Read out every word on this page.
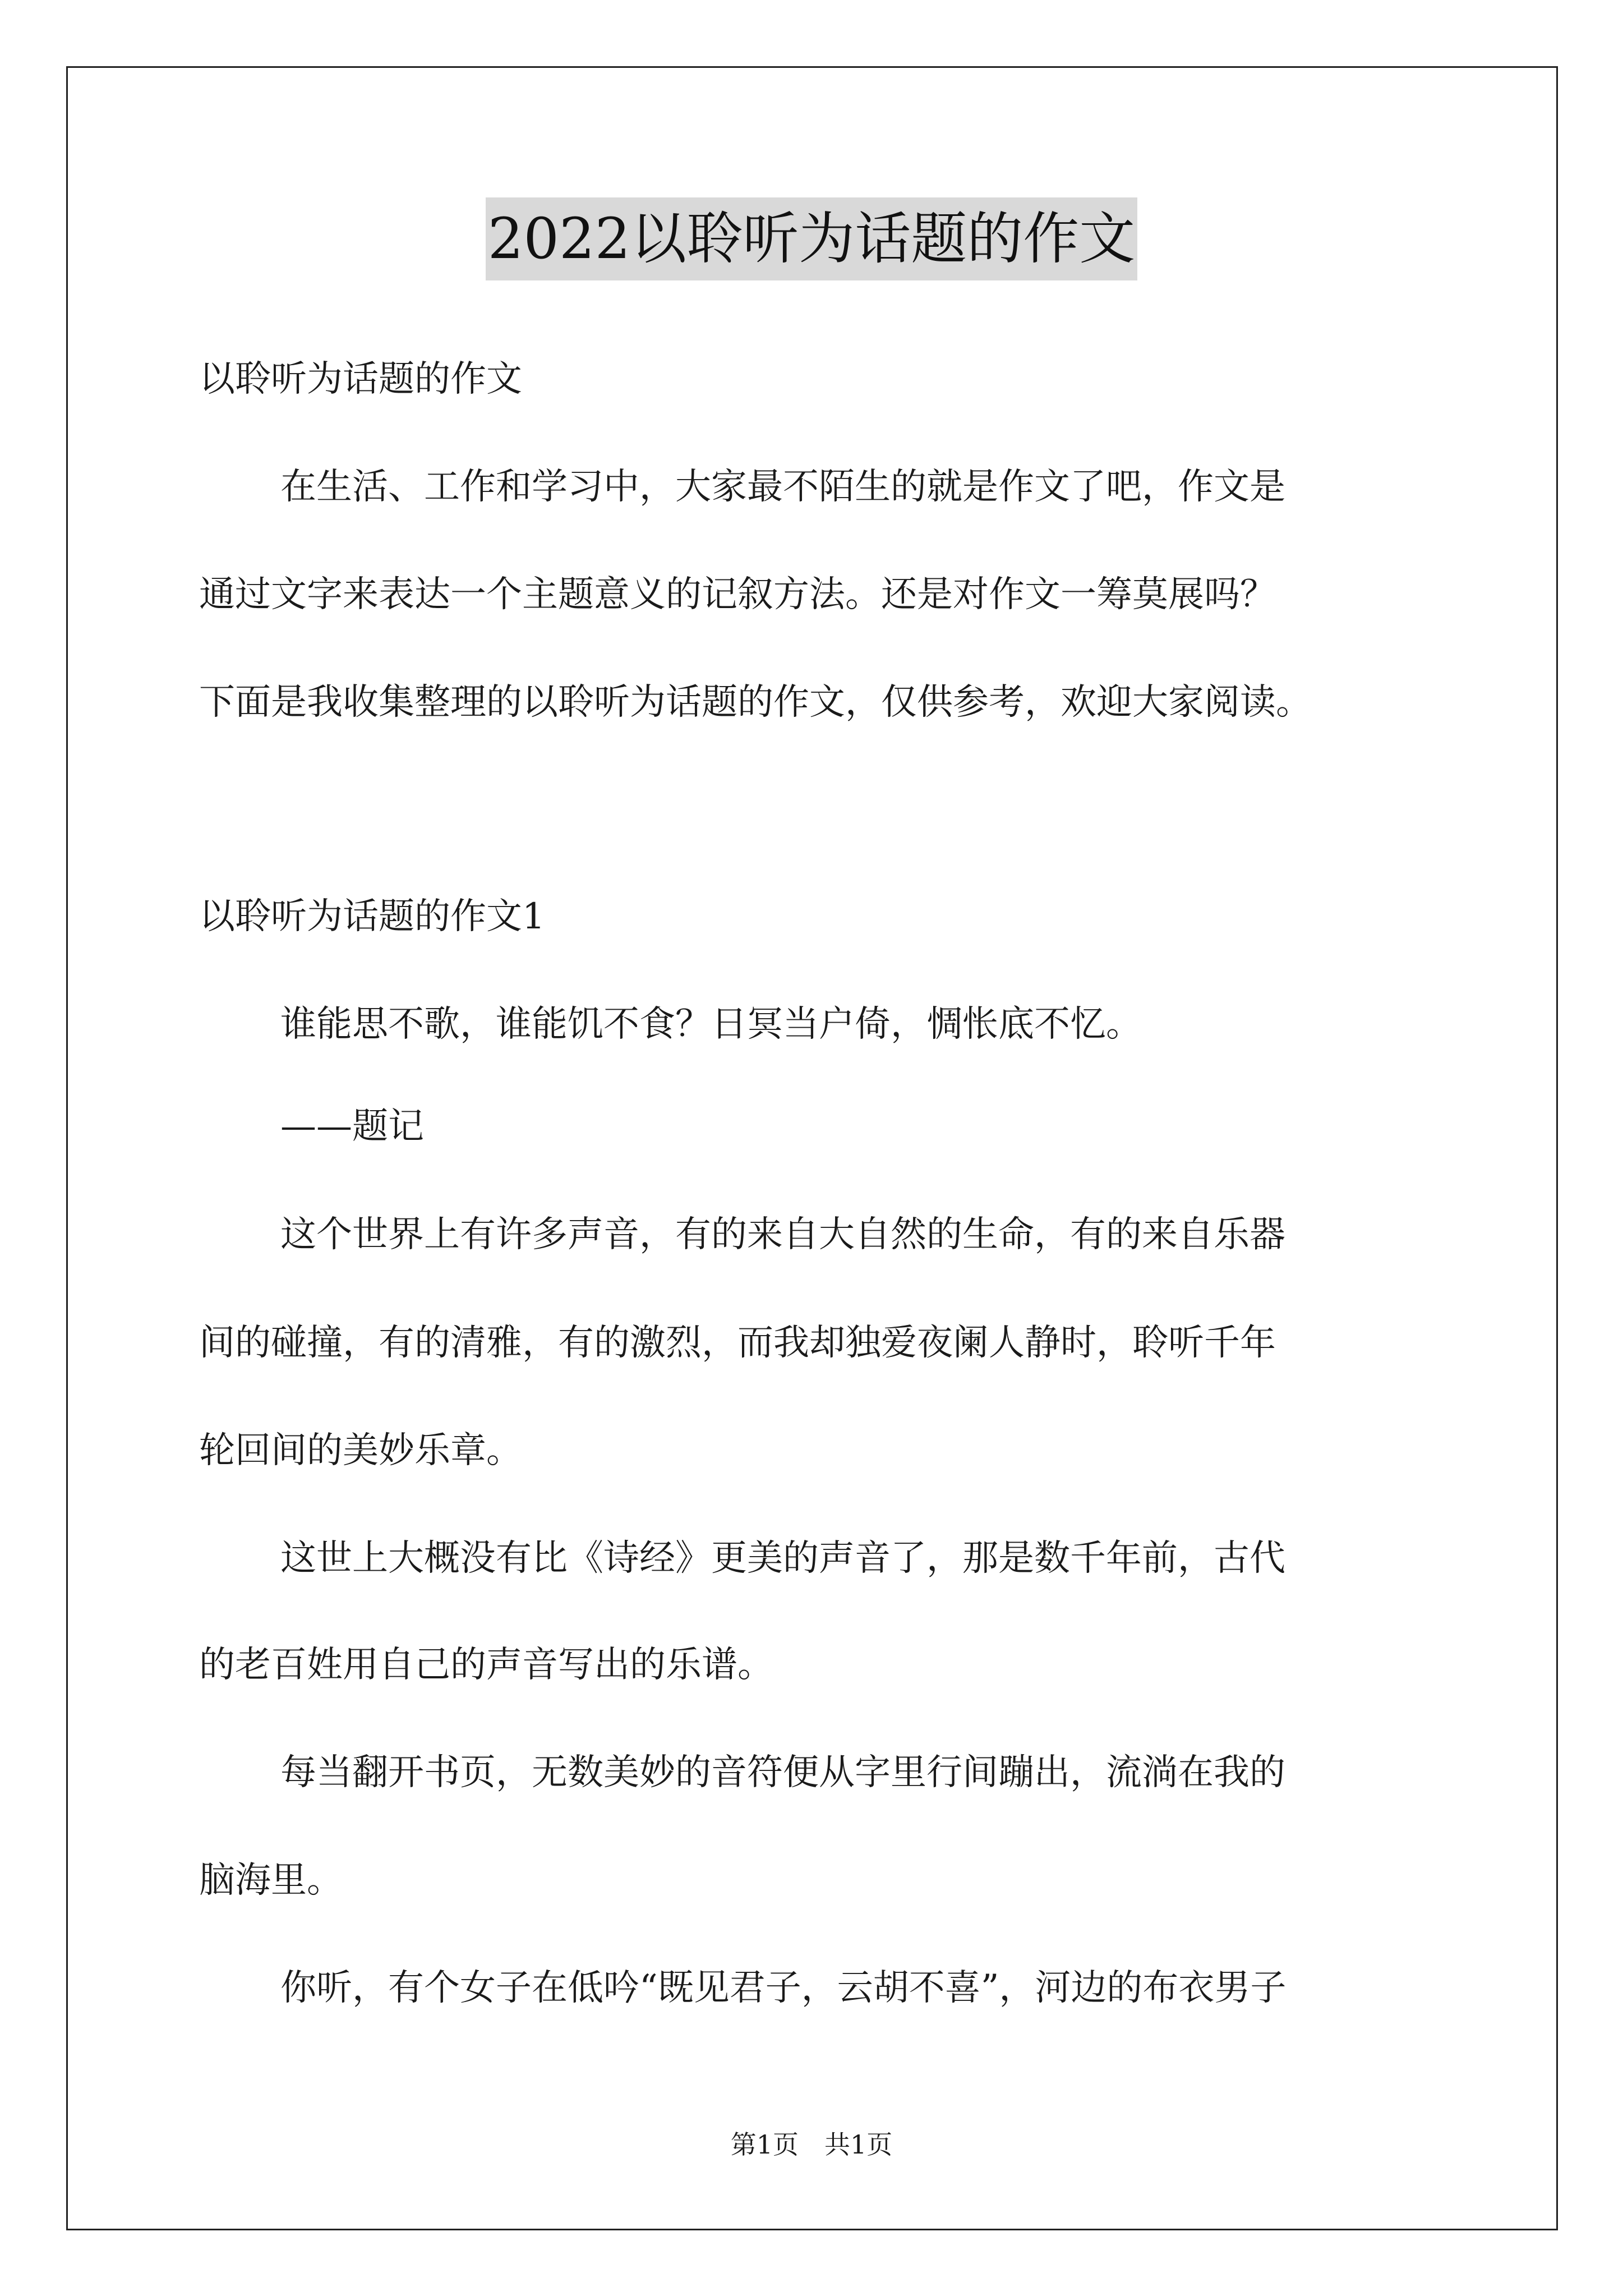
2022以聆听为话题的作文
以聆听为话题的作文
在生活、工作和学习中，大家最不陌生的就是作文了吧，作文是
通过文字来表达一个主题意义的记叙方法。还是对作文一筹莫展吗？
下面是我收集整理的以聆听为话题的作文，仅供参考，欢迎大家阅读。
以聆听为话题的作文1
谁能思不歌，谁能饥不食？日冥当户倚，惆怅底不忆。
——题记
这个世界上有许多声音，有的来自大自然的生命，有的来自乐器
间的碰撞，有的清雅，有的激烈，而我却独爱夜阑人静时，聆听千年
轮回间的美妙乐章。
这世上大概没有比《诗经》更美的声音了，那是数千年前，古代
的老百姓用自己的声音写出的乐谱。
每当翻开书页，无数美妙的音符便从字里行间蹦出，流淌在我的
脑海里。
你听，有个女子在低吟“既见君子，云胡不喜”，河边的布衣男子
第1页　共1页
